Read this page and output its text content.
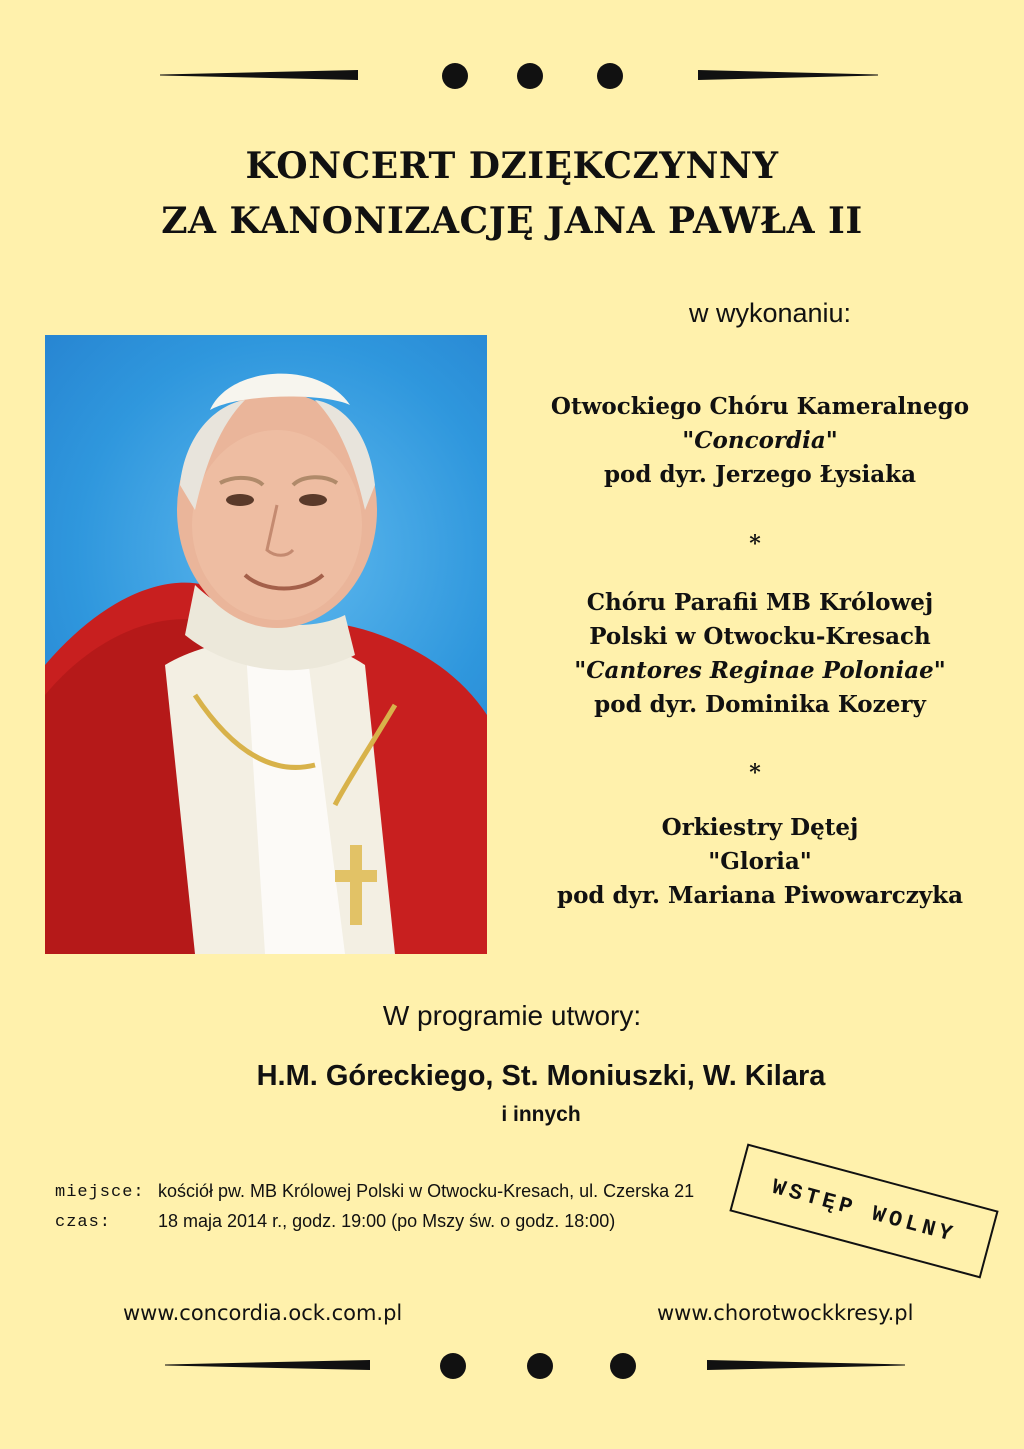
KONCERT DZIĘKCZYNNY
ZA KANONIZACJĘ JANA PAWŁA II
w wykonaniu:
Otwockiego Chóru Kameralnego
"Concordia"
pod dyr. Jerzego Łysiaka
*
Chóru Parafii MB Królowej
Polski w Otwocku-Kresach
"Cantores Reginae Poloniae"
pod dyr. Dominika Kozery
*
Orkiestry Dętej
"Gloria"
pod dyr. Mariana Piwowarczyka
W programie utwory:
H.M. Góreckiego, St. Moniuszki, W. Kilara
i innych
miejsce: kościół pw. MB Królowej Polski w Otwocku-Kresach, ul. Czerska 21
czas:	18 maja 2014 r., godz. 19:00 (po Mszy św. o godz. 18:00)	WSTĘP WOLNY
www.concordia.ock.com.pl	www.chorotwockkresy.pl
